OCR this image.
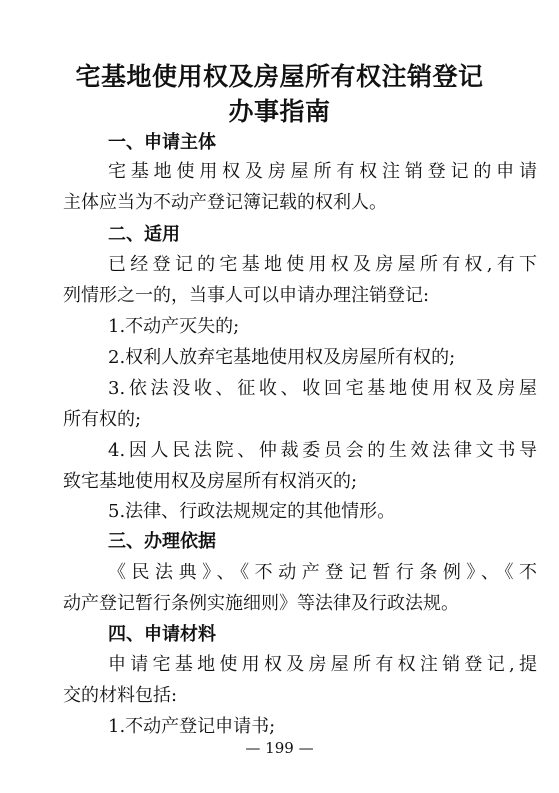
宅基地使用权及房屋所有权注销登记
办事指南
一、申请主体
宅基地使用权及房屋所有权注销登记的申请
主体应当为不动产登记簿记载的权利人。
二、适用
已经登记的宅基地使用权及房屋所有权,有下
列情形之一的，当事人可以申请办理注销登记:
1.不动产灭失的;
2.权利人放弃宅基地使用权及房屋所有权的;
3.依法没收、征收、收回宅基地使用权及房屋
所有权的;
4.因人民法院、仲裁委员会的生效法律文书导
致宅基地使用权及房屋所有权消灭的;
5.法律、行政法规规定的其他情形。
三、办理依据
《民法典》、《不动产登记暂行条例》、《不
动产登记暂行条例实施细则》等法律及行政法规。
四、申请材料
申请宅基地使用权及房屋所有权注销登记,提
交的材料包括:
1.不动产登记申请书;
— 199 —
